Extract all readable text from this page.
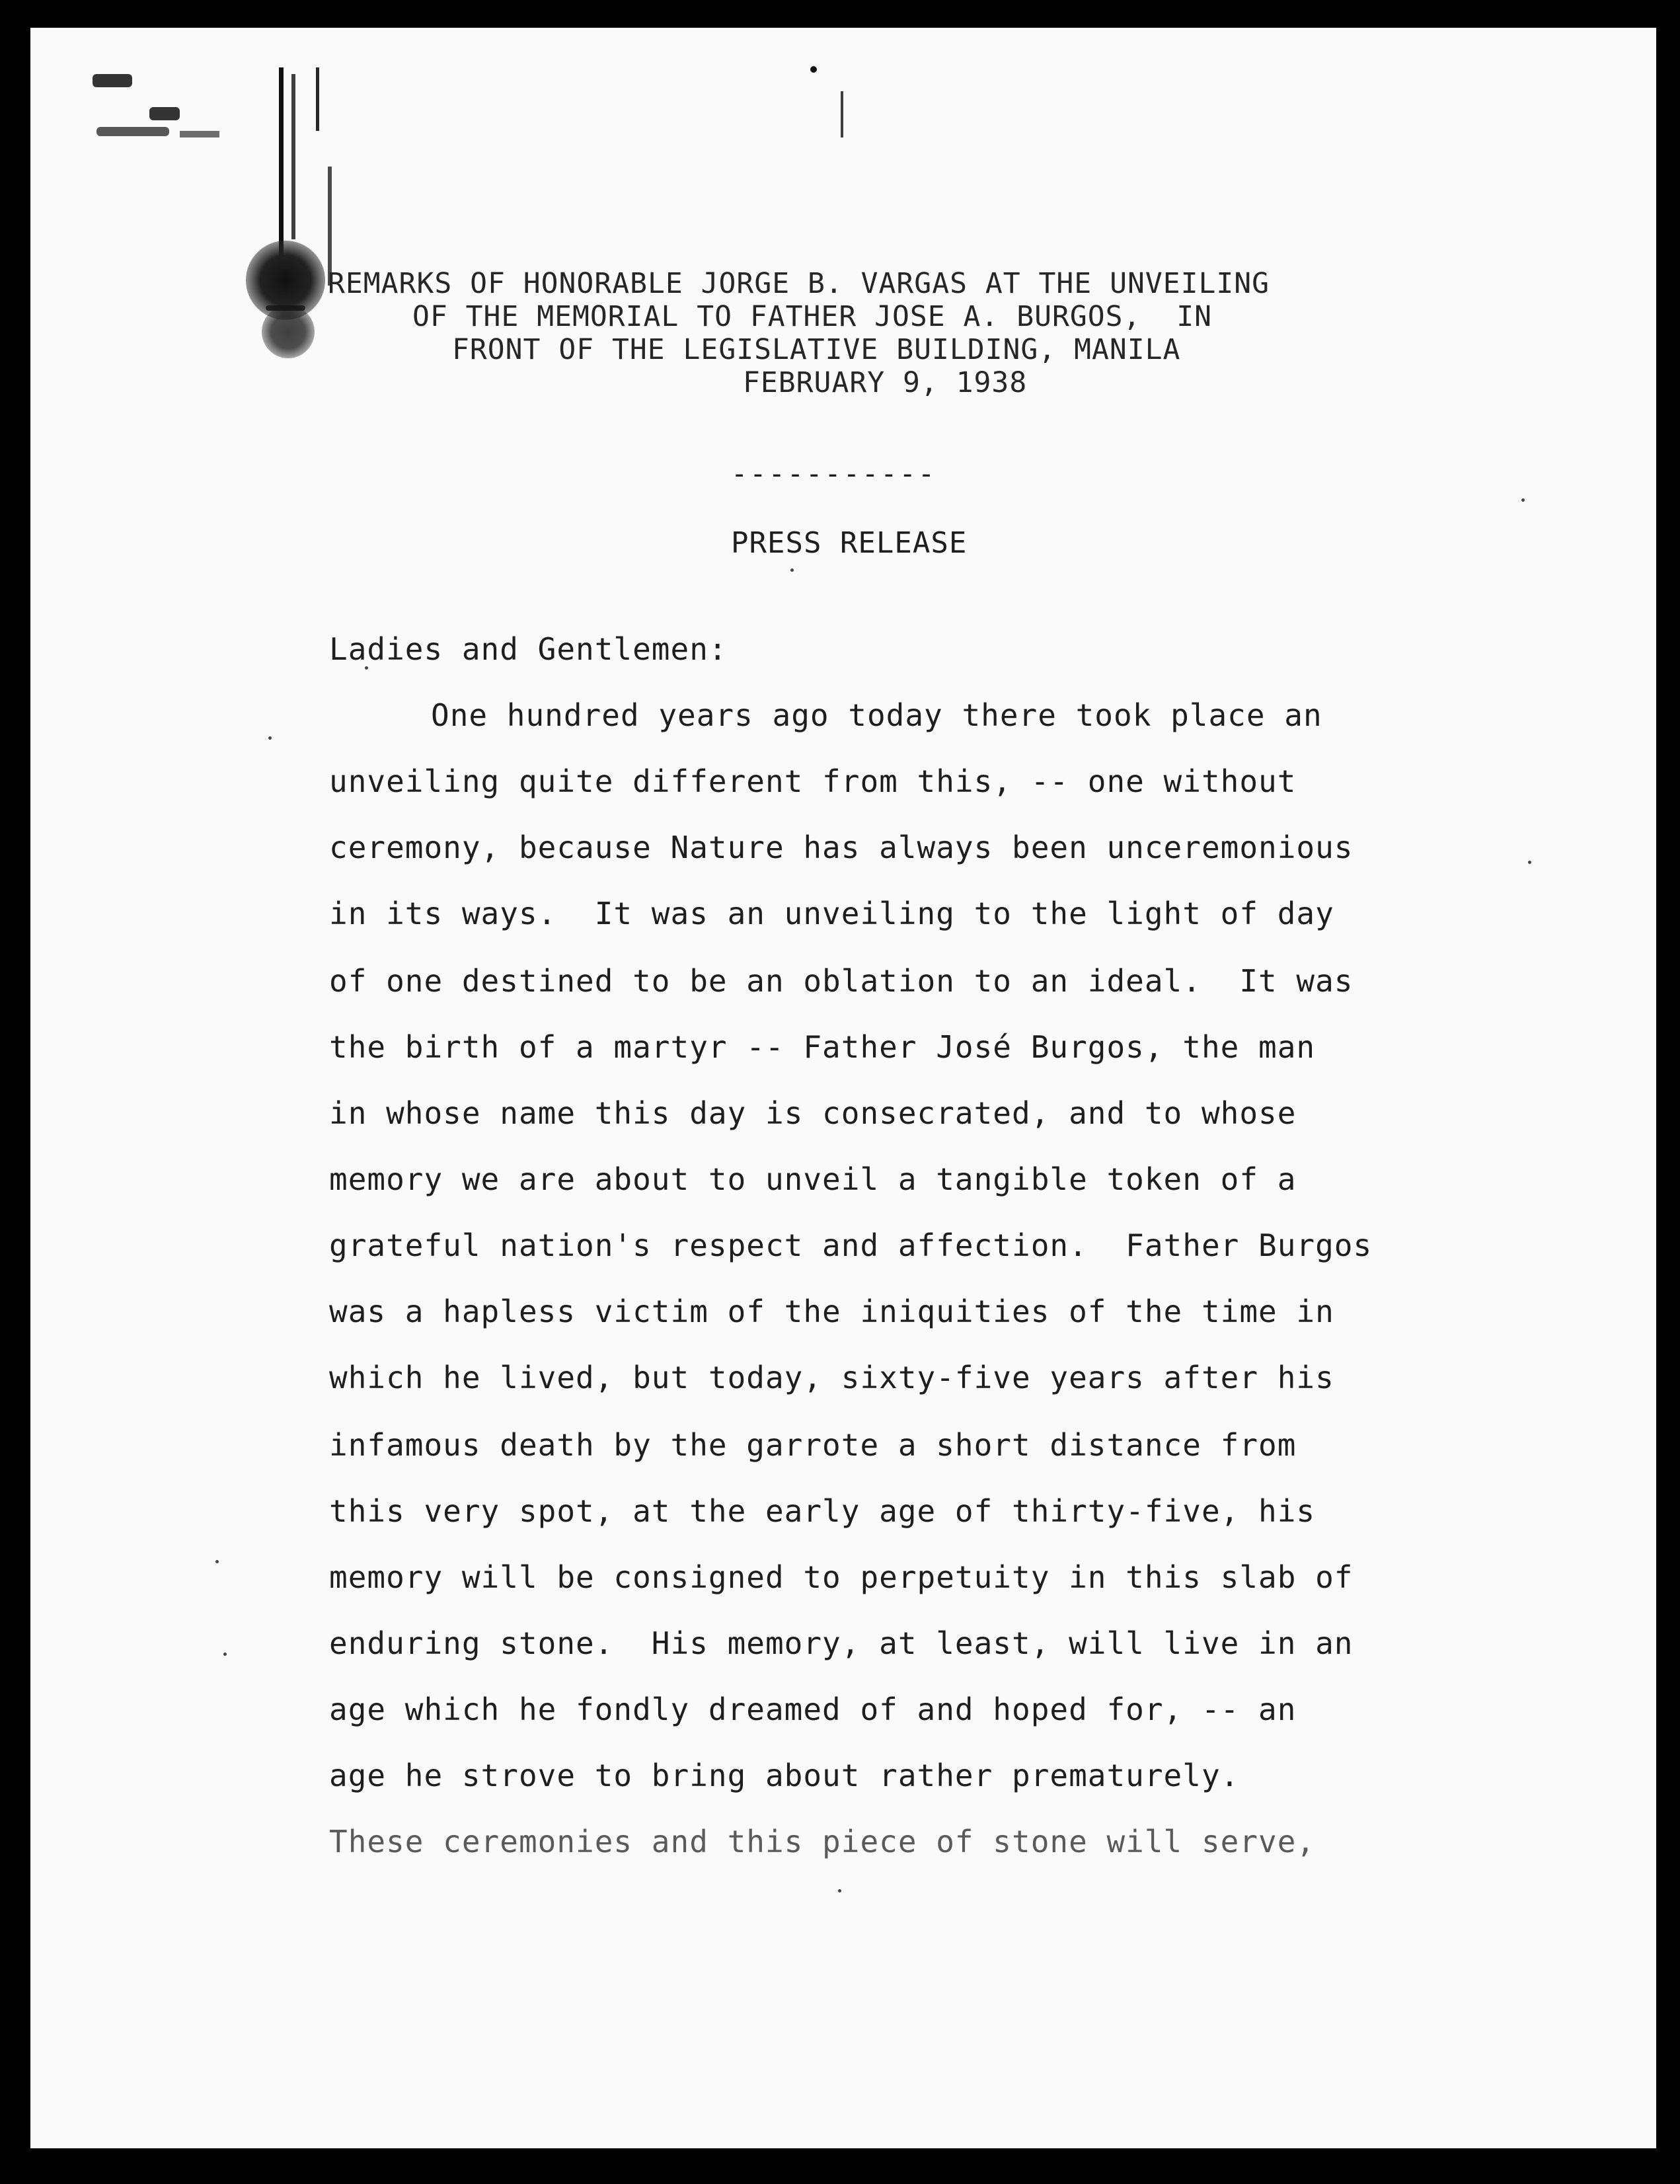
REMARKS OF HONORABLE JORGE B. VARGAS AT THE UNVEILING
OF THE MEMORIAL TO FATHER JOSE A. BURGOS,  IN
FRONT OF THE LEGISLATIVE BUILDING, MANILA
FEBRUARY 9, 1938
-----------
PRESS RELEASE
Ladies and Gentlemen:
One hundred years ago today there took place an
unveiling quite different from this, -- one without
ceremony, because Nature has always been unceremonious
in its ways.  It was an unveiling to the light of day
of one destined to be an oblation to an ideal.  It was
the birth of a martyr -- Father José Burgos, the man
in whose name this day is consecrated, and to whose
memory we are about to unveil a tangible token of a
grateful nation's respect and affection.  Father Burgos
was a hapless victim of the iniquities of the time in
which he lived, but today, sixty-five years after his
infamous death by the garrote a short distance from
this very spot, at the early age of thirty-five, his
memory will be consigned to perpetuity in this slab of
enduring stone.  His memory, at least, will live in an
age which he fondly dreamed of and hoped for, -- an
age he strove to bring about rather prematurely.
These ceremonies and this piece of stone will serve,
